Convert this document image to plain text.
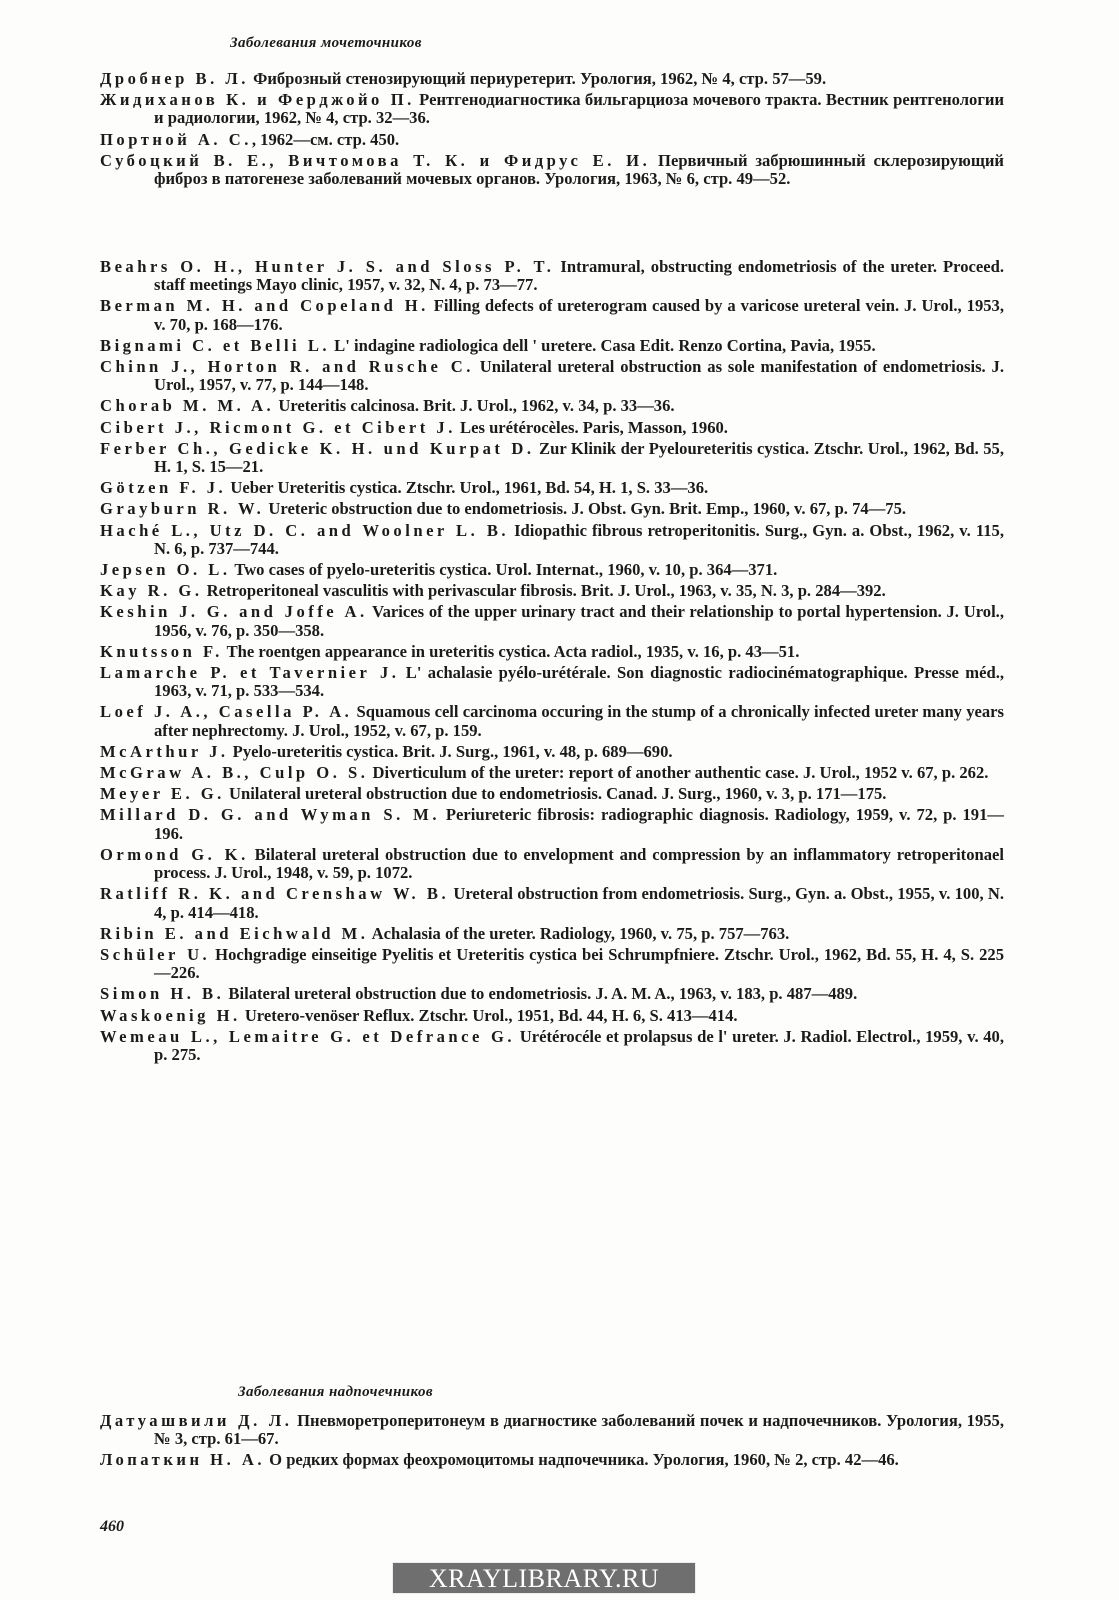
Заболевания мочеточников
Дробнер В. Л. Фиброзный стенозирующий периуретерит. Урология, 1962, № 4, стр. 57—59.
Жидиханов К. и Ферджойо П. Рентгенодиагностика бильгарциоза мочевого тракта. Вестник рентгенологии и радиологии, 1962, № 4, стр. 32—36.
Портной А. С., 1962—см. стр. 450.
Субоцкий В. Е., Вичтомова Т. К. и Фидрус Е. И. Первичный забрюшинный склерозирующий фиброз в патогенезе заболеваний мочевых органов. Урология, 1963, № 6, стр. 49—52.
Beahrs O. H., Hunter J. S. and Sloss P. T. Intramural, obstructing endometriosis of the ureter. Proceed. staff meetings Mayo clinic, 1957, v. 32, N. 4, p. 73—77.
Berman M. H. and Copeland H. Filling defects of ureterogram caused by a varicose ureteral vein. J. Urol., 1953, v. 70, p. 168—176.
Bignami C. et Belli L. L' indagine radiologica dell ' uretere. Casa Edit. Renzo Cortina, Pavia, 1955.
Chinn J., Horton R. and Rusche C. Unilateral ureteral obstruction as sole manifestation of endometriosis. J. Urol., 1957, v. 77, p. 144—148.
Chorab M. M. A. Ureteritis calcinosa. Brit. J. Urol., 1962, v. 34, p. 33—36.
Cibert J., Ricmont G. et Cibert J. Les urétérocèles. Paris, Masson, 1960.
Ferber Ch., Gedicke K. H. und Kurpat D. Zur Klinik der Pyeloureteritis cystica. Ztschr. Urol., 1962, Bd. 55, H. 1, S. 15—21.
Götzen F. J. Ueber Ureteritis cystica. Ztschr. Urol., 1961, Bd. 54, H. 1, S. 33—36.
Grayburn R. W. Ureteric obstruction due to endometriosis. J. Obst. Gyn. Brit. Emp., 1960, v. 67, p. 74—75.
Haché L., Utz D. C. and Woolner L. B. Idiopathic fibrous retroperitonitis. Surg., Gyn. a. Obst., 1962, v. 115, N. 6, p. 737—744.
Jepsen O. L. Two cases of pyelo-ureteritis cystica. Urol. Internat., 1960, v. 10, p. 364—371.
Kay R. G. Retroperitoneal vasculitis with perivascular fibrosis. Brit. J. Urol., 1963, v. 35, N. 3, p. 284—392.
Keshin J. G. and Joffe A. Varices of the upper urinary tract and their relationship to portal hypertension. J. Urol., 1956, v. 76, p. 350—358.
Knutsson F. The roentgen appearance in ureteritis cystica. Acta radiol., 1935, v. 16, p. 43—51.
Lamarche P. et Tavernier J. L' achalasie pyélo-urétérale. Son diagnostic radiocinématographique. Presse méd., 1963, v. 71, p. 533—534.
Loef J. A., Casella P. A. Squamous cell carcinoma occuring in the stump of a chronically infected ureter many years after nephrectomy. J. Urol., 1952, v. 67, p. 159.
McArthur J. Pyelo-ureteritis cystica. Brit. J. Surg., 1961, v. 48, p. 689—690.
McGraw A. B., Culp O. S. Diverticulum of the ureter: report of another authentic case. J. Urol., 1952 v. 67, p. 262.
Meyer E. G. Unilateral ureteral obstruction due to endometriosis. Canad. J. Surg., 1960, v. 3, p. 171—175.
Millard D. G. and Wyman S. M. Periureteric fibrosis: radiographic diagnosis. Radiology, 1959, v. 72, p. 191—196.
Ormond G. K. Bilateral ureteral obstruction due to envelopment and compression by an inflammatory retroperitonael process. J. Urol., 1948, v. 59, p. 1072.
Ratliff R. K. and Crenshaw W. B. Ureteral obstruction from endometriosis. Surg., Gyn. a. Obst., 1955, v. 100, N. 4, p. 414—418.
Ribin E. and Eichwald M. Achalasia of the ureter. Radiology, 1960, v. 75, p. 757—763.
Schüler U. Hochgradige einseitige Pyelitis et Ureteritis cystica bei Schrumpfniere. Ztschr. Urol., 1962, Bd. 55, H. 4, S. 225—226.
Simon H. B. Bilateral ureteral obstruction due to endometriosis. J. A. M. A., 1963, v. 183, p. 487—489.
Waskoenig H. Uretero-venöser Reflux. Ztschr. Urol., 1951, Bd. 44, H. 6, S. 413—414.
Wemeau L., Lemaitre G. et Defrance G. Urétérocéle et prolapsus de l' ureter. J. Radiol. Electrol., 1959, v. 40, p. 275.
Заболевания надпочечников
Датуашвили Д. Л. Пневморетроперитонеум в диагностике заболеваний почек и надпочечников. Урология, 1955, № 3, стр. 61—67.
Лопаткин Н. А. О редких формах феохромоцитомы надпочечника. Урология, 1960, № 2, стр. 42—46.
460
XRAYLIBRARY.RU
